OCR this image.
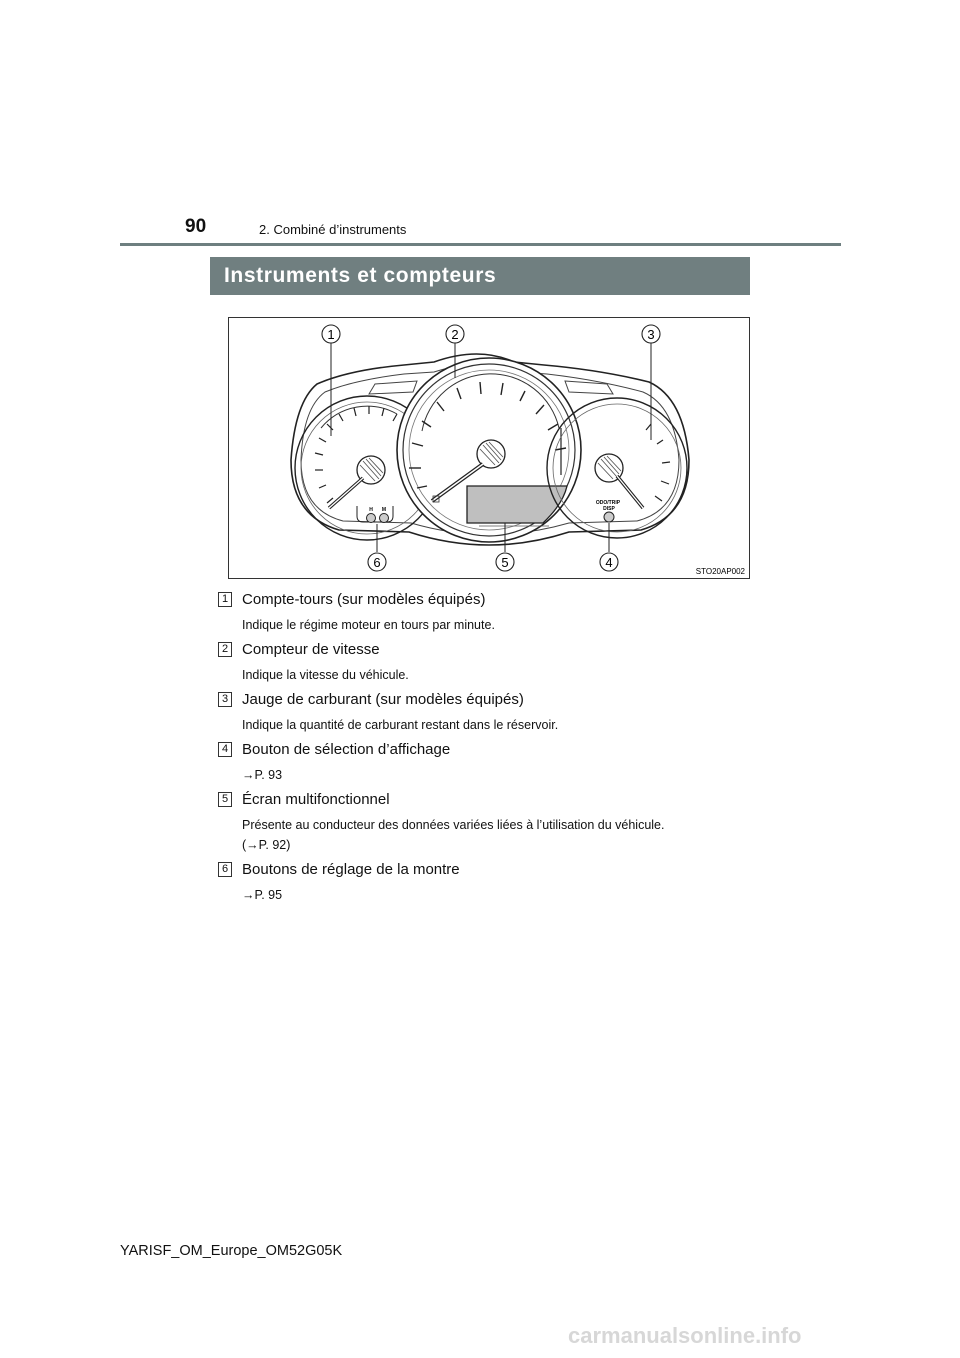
90	2. Combiné d’instruments
Instruments et compteurs
H M
ODO/TRIP
DISP
1	2	3
4
5
6
STO20AP002
1 Compte-tours (sur modèles équipés)
Indique le régime moteur en tours par minute.
2 Compteur de vitesse
Indique la vitesse du véhicule.
3 Jauge de carburant (sur modèles équipés)
Indique la quantité de carburant restant dans le réservoir.
4 Bouton de sélection d’affichage
→P. 93
5 Écran multifonctionnel
Présente au conducteur des données variées liées à l’utilisation du véhicule.
(→P. 92)
6 Boutons de réglage de la montre
→P. 95
YARISF_OM_Europe_OM52G05K
carmanualsonline.info
